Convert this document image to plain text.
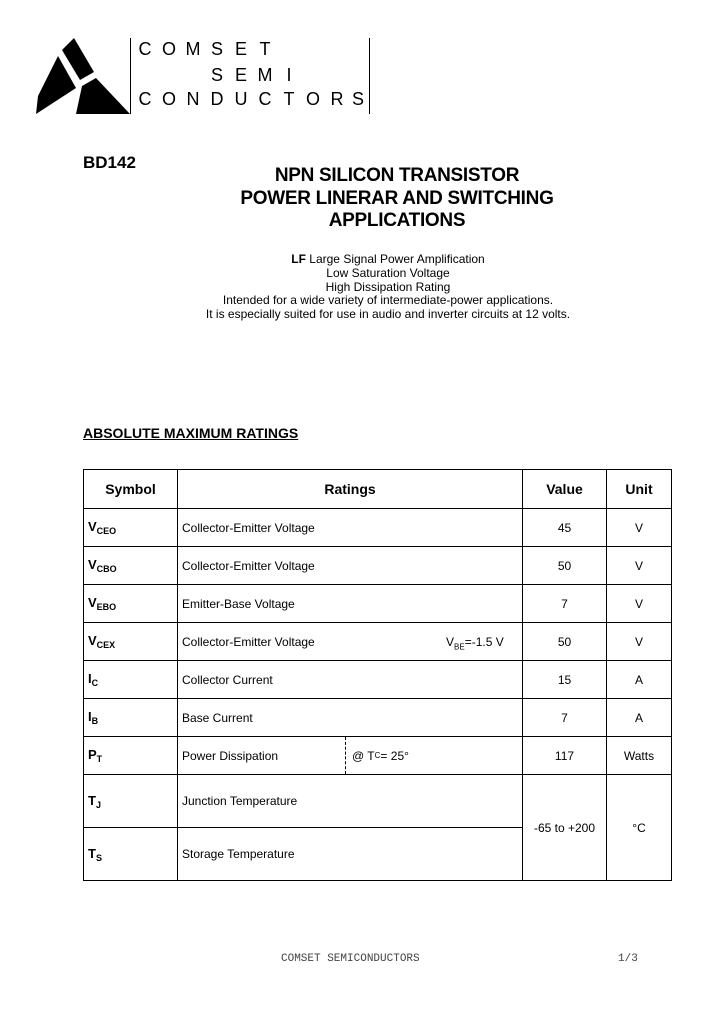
C O M S E T
S E M I
C O N D U C T O R S
BD142
NPN SILICON TRANSISTOR
POWER LINERAR AND SWITCHING
APPLICATIONS
LF Large Signal Power Amplification
Low Saturation Voltage
High Dissipation Rating
Intended for a wide variety of intermediate-power applications.
It is especially suited for use in audio and inverter circuits at 12 volts.
ABSOLUTE MAXIMUM RATINGS
Symbol	Ratings	Value	Unit
$V_{CEO}$	Collector-Emitter Voltage	45	V
$V_{CBO}$	Collector-Emitter Voltage	50	V
$V_{EBO}$	Emitter-Base Voltage	7	V
$V_{CEX}$	Collector-Emitter Voltage $V_{BE}=-1.5$ V	50	V
$I_C$	Collector Current	15	A
$I_B$	Base Current	7	A
$P_T$	Power Dissipation @ T C = 25°	117	Watts
$T_J$	Junction Temperature	-65 to +200	°C
$T_S$	Storage Temperature		
COMSET SEMICONDUCTORS	1/3
